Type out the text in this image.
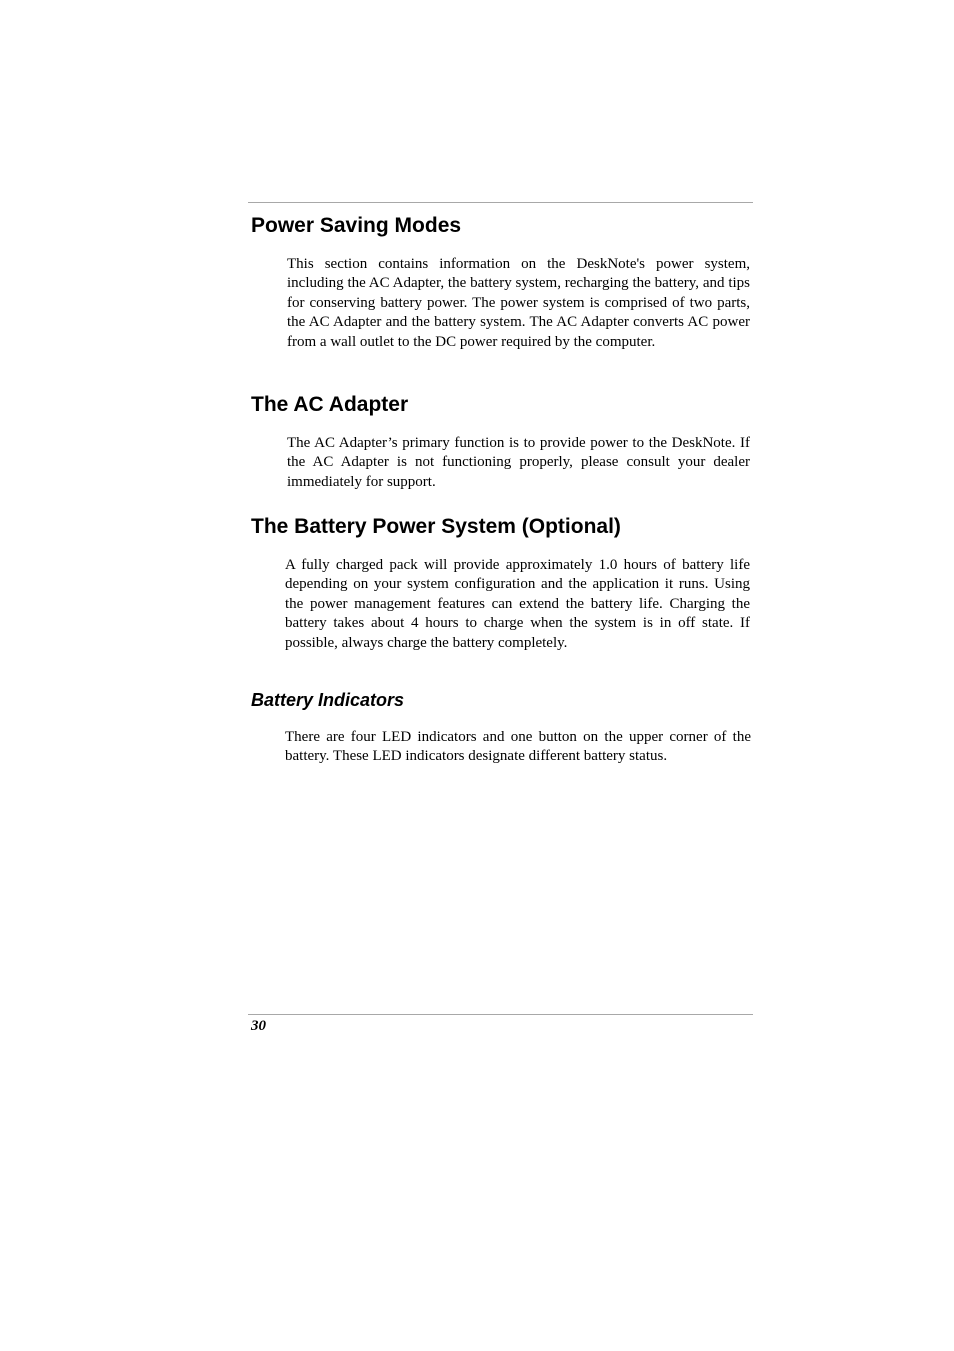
Power Saving Modes

This section contains information on the DeskNote's power system, including the AC Adapter, the battery system, recharging the battery, and tips for conserving battery power. The power system is comprised of two parts, the AC Adapter and the battery system. The AC Adapter converts AC power from a wall outlet to the DC power required by the computer.

The AC Adapter

The AC Adapter’s primary function is to provide power to the DeskNote. If the AC Adapter is not functioning properly, please consult your dealer immediately for support.

The Battery Power System (Optional)

A fully charged pack will provide approximately 1.0 hours of battery life depending on your system configuration and the application it runs. Using the power management features can extend the battery life. Charging the battery takes about 4 hours to charge when the system is in off state. If possible, always charge the battery completely.

Battery Indicators

There are four LED indicators and one button on the upper corner of the battery. These LED indicators designate different battery status.

30
